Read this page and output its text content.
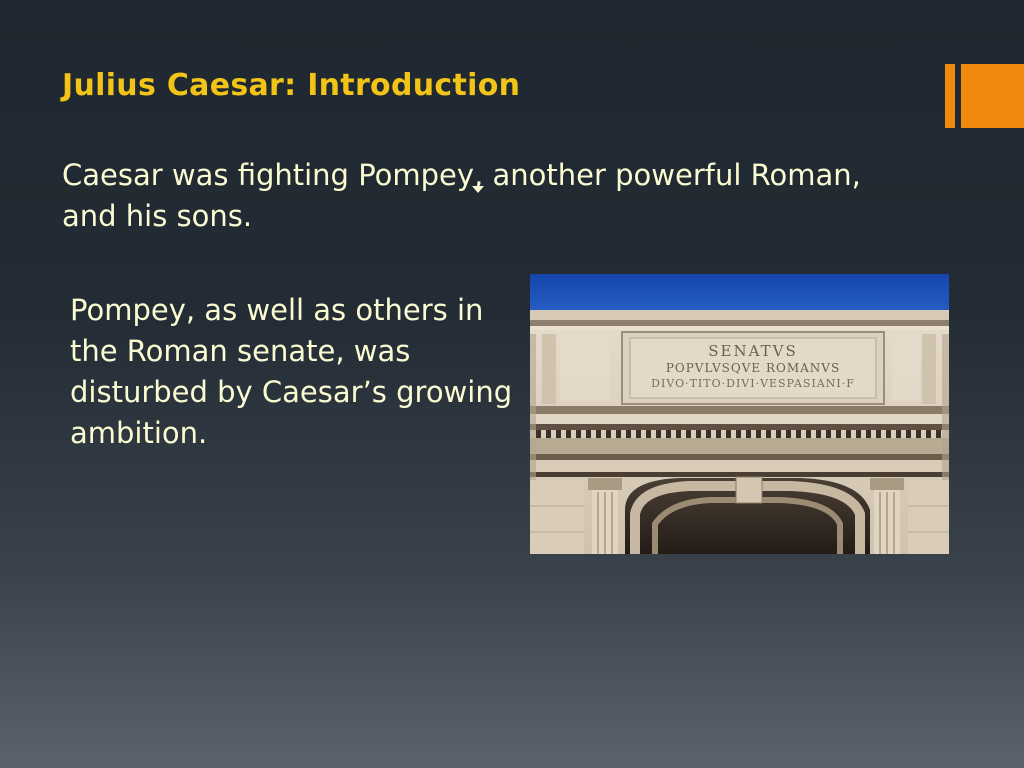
Julius Caesar: Introduction

Caesar was fighting Pompey, another powerful Roman, and his sons.

Pompey, as well as others in the Roman senate, was disturbed by Caesar’s growing ambition.

SENATVS
POPVLVSQVE ROMANVS
DIVO·TITO·DIVI·VESPASIANI·F
